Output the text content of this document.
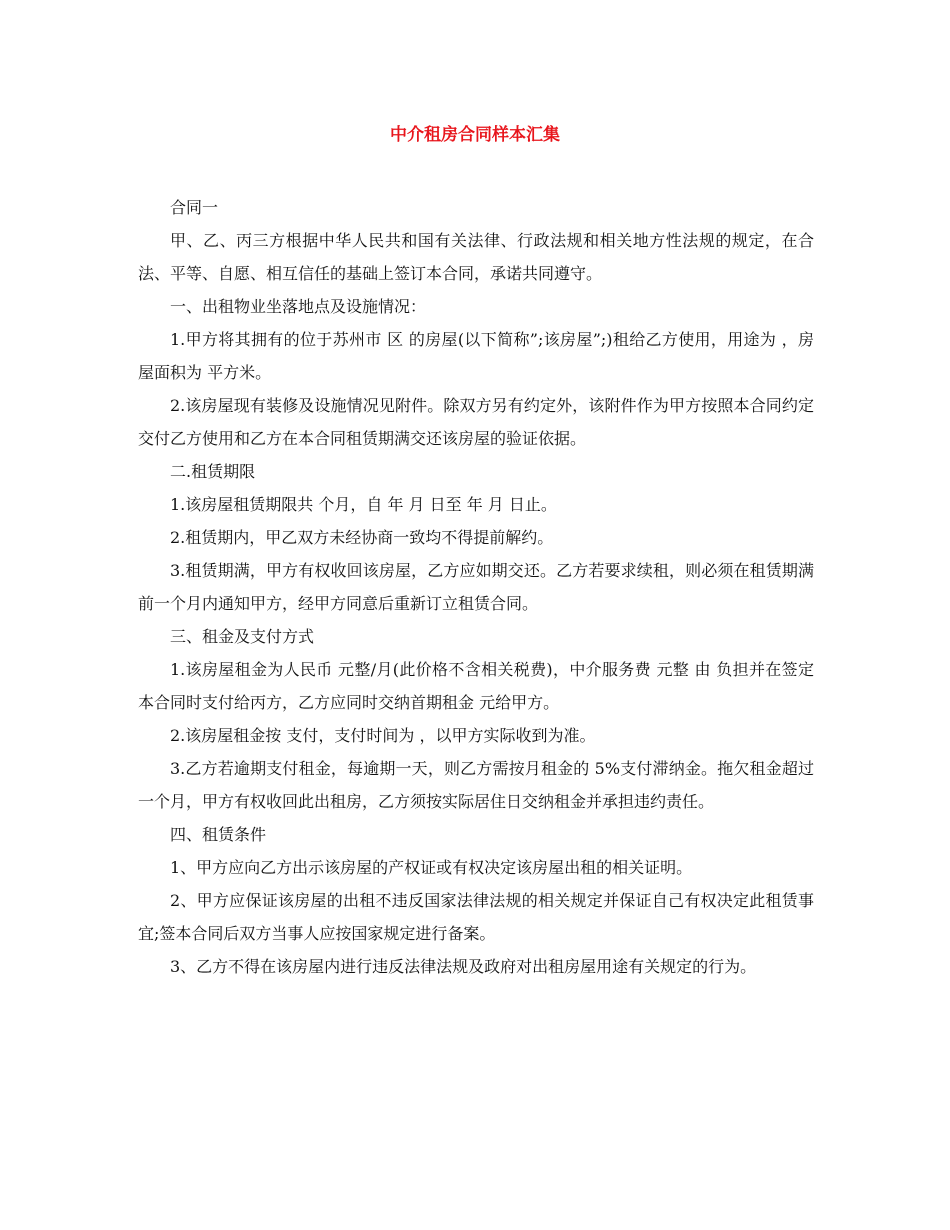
中介租房合同样本汇集

合同一

甲、乙、丙三方根据中华人民共和国有关法律、行政法规和相关地方性法规的规定，在合法、平等、自愿、相互信任的基础上签订本合同，承诺共同遵守。

一、出租物业坐落地点及设施情况：

1.甲方将其拥有的位于苏州市 区 的房屋(以下简称”;该房屋”;)租给乙方使用，用途为 ，房屋面积为 平方米。

2.该房屋现有装修及设施情况见附件。除双方另有约定外，该附件作为甲方按照本合同约定交付乙方使用和乙方在本合同租赁期满交还该房屋的验证依据。

二.租赁期限

1.该房屋租赁期限共 个月，自 年 月 日至 年 月 日止。

2.租赁期内，甲乙双方未经协商一致均不得提前解约。

3.租赁期满，甲方有权收回该房屋，乙方应如期交还。乙方若要求续租，则必须在租赁期满前一个月内通知甲方，经甲方同意后重新订立租赁合同。

三、租金及支付方式

1.该房屋租金为人民币 元整/月(此价格不含相关税费)，中介服务费 元整 由 负担并在签定本合同时支付给丙方，乙方应同时交纳首期租金 元给甲方。

2.该房屋租金按 支付，支付时间为 ，以甲方实际收到为准。

3.乙方若逾期支付租金，每逾期一天，则乙方需按月租金的 5%支付滞纳金。拖欠租金超过一个月，甲方有权收回此出租房，乙方须按实际居住日交纳租金并承担违约责任。

四、租赁条件

1、甲方应向乙方出示该房屋的产权证或有权决定该房屋出租的相关证明。

2、甲方应保证该房屋的出租不违反国家法律法规的相关规定并保证自己有权决定此租赁事宜;签本合同后双方当事人应按国家规定进行备案。

3、乙方不得在该房屋内进行违反法律法规及政府对出租房屋用途有关规定的行为。
